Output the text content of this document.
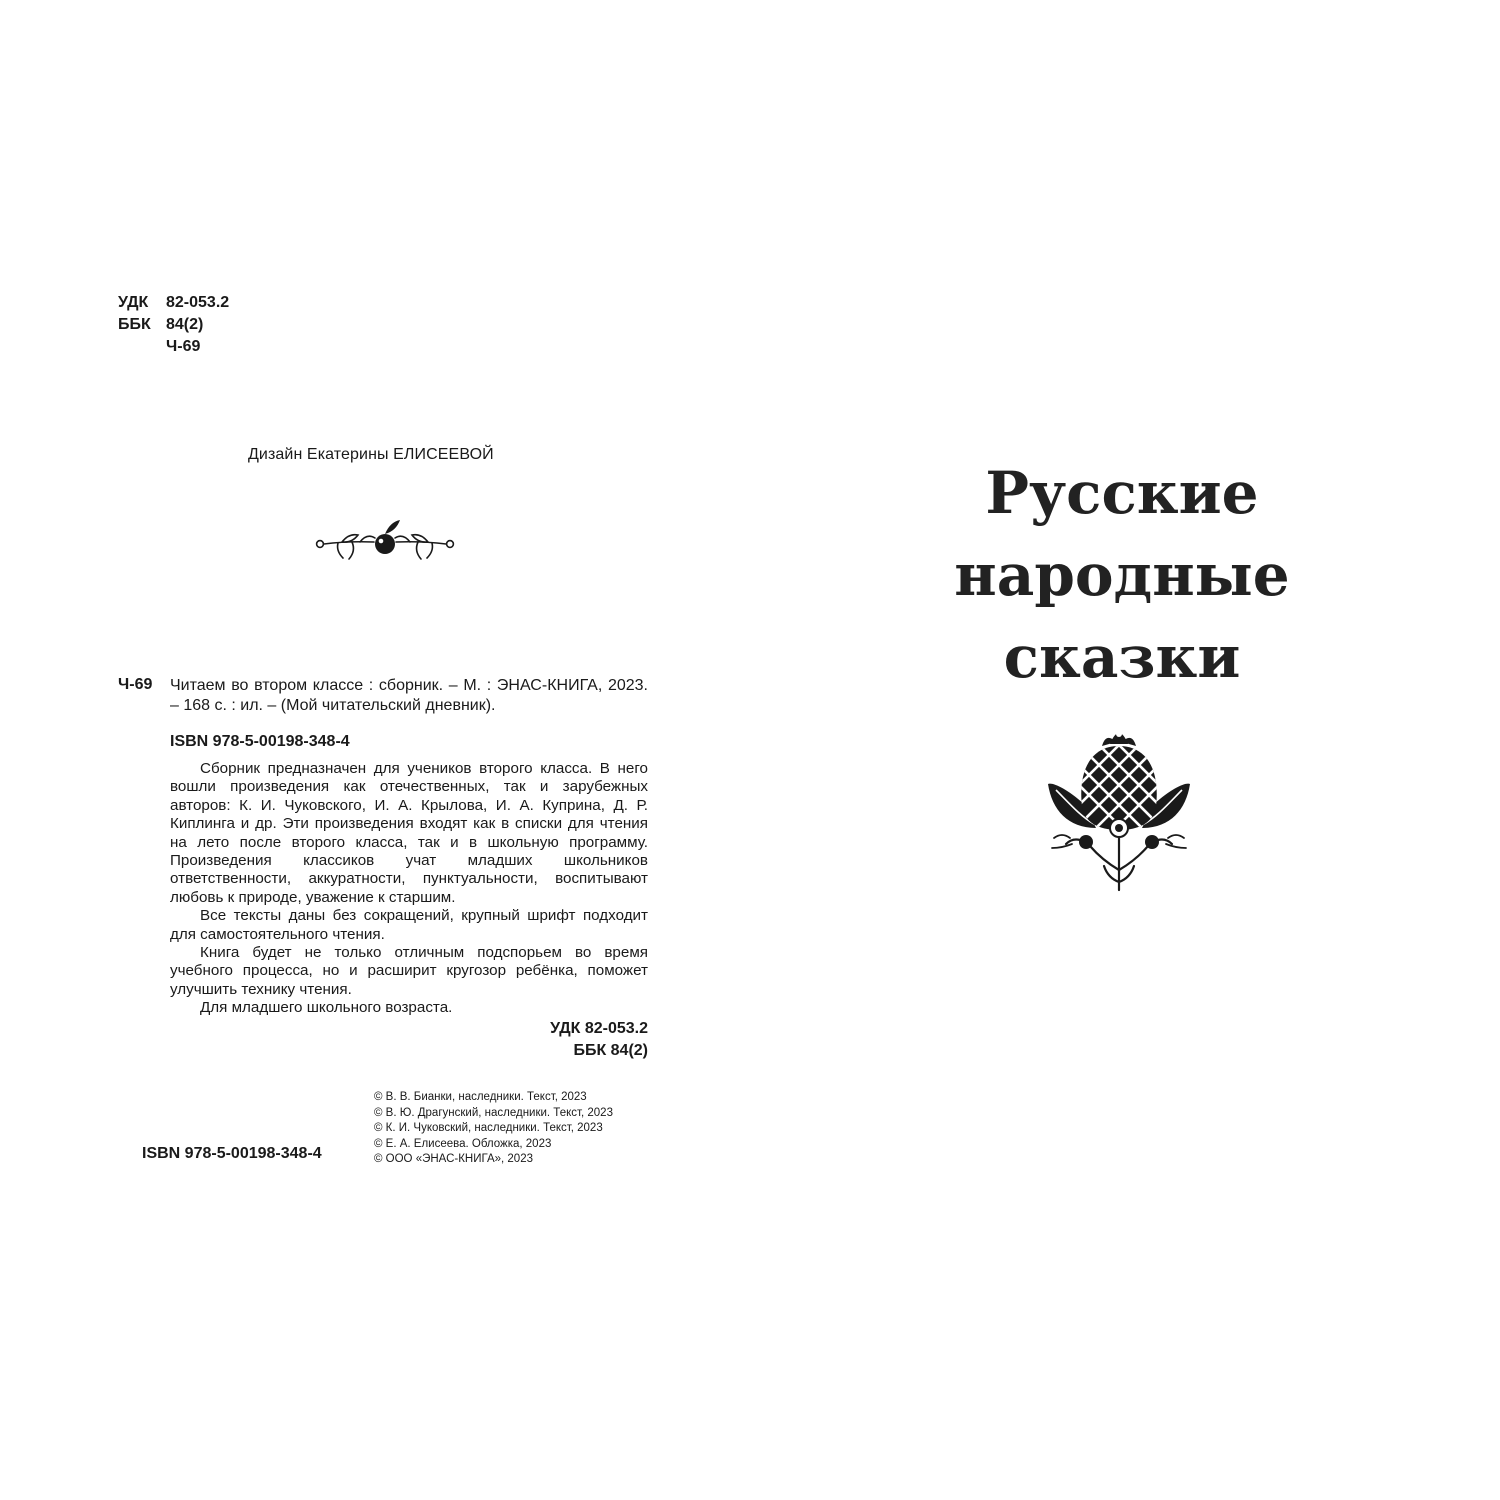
УДК	82-053.2
ББК 84(2)
Ч-69
Дизайн Екатерины ЕЛИСЕЕВОЙ
Ч-69 Читаем во втором классе : сборник. – М. : ЭНАС-КНИГА, 2023. – 168 с. : ил. – (Мой читательский дневник).
ISBN 978-5-00198-348-4

Сборник предназначен для учеников второго класса. В него вошли произведения как отечественных, так и зарубежных авторов: К. И. Чуковского, И. А. Крылова, И. А. Куприна, Д. Р. Киплинга и др. Эти произведения входят как в списки для чтения на лето после второго класса, так и в школьную программу. Произведения классиков учат младших школьников ответственности, аккуратности, пунктуальности, воспитывают любовь к природе, уважение к старшим.

Все тексты даны без сокращений, крупный шрифт подходит для самостоятельного чтения.

Книга будет не только отличным подспорьем во время учебного процесса, но и расширит кругозор ребёнка, поможет улучшить технику чтения.

Для младшего школьного возраста.

УДК 82-053.2
ББК 84(2)
© В. В. Бианки, наследники. Текст, 2023
© В. Ю. Драгунский, наследники. Текст, 2023
© К. И. Чуковский, наследники. Текст, 2023
© Е. А. Елисеева. Обложка, 2023
© ООО «ЭНАС-КНИГА», 2023
ISBN 978-5-00198-348-4
Русские
народные
сказки
